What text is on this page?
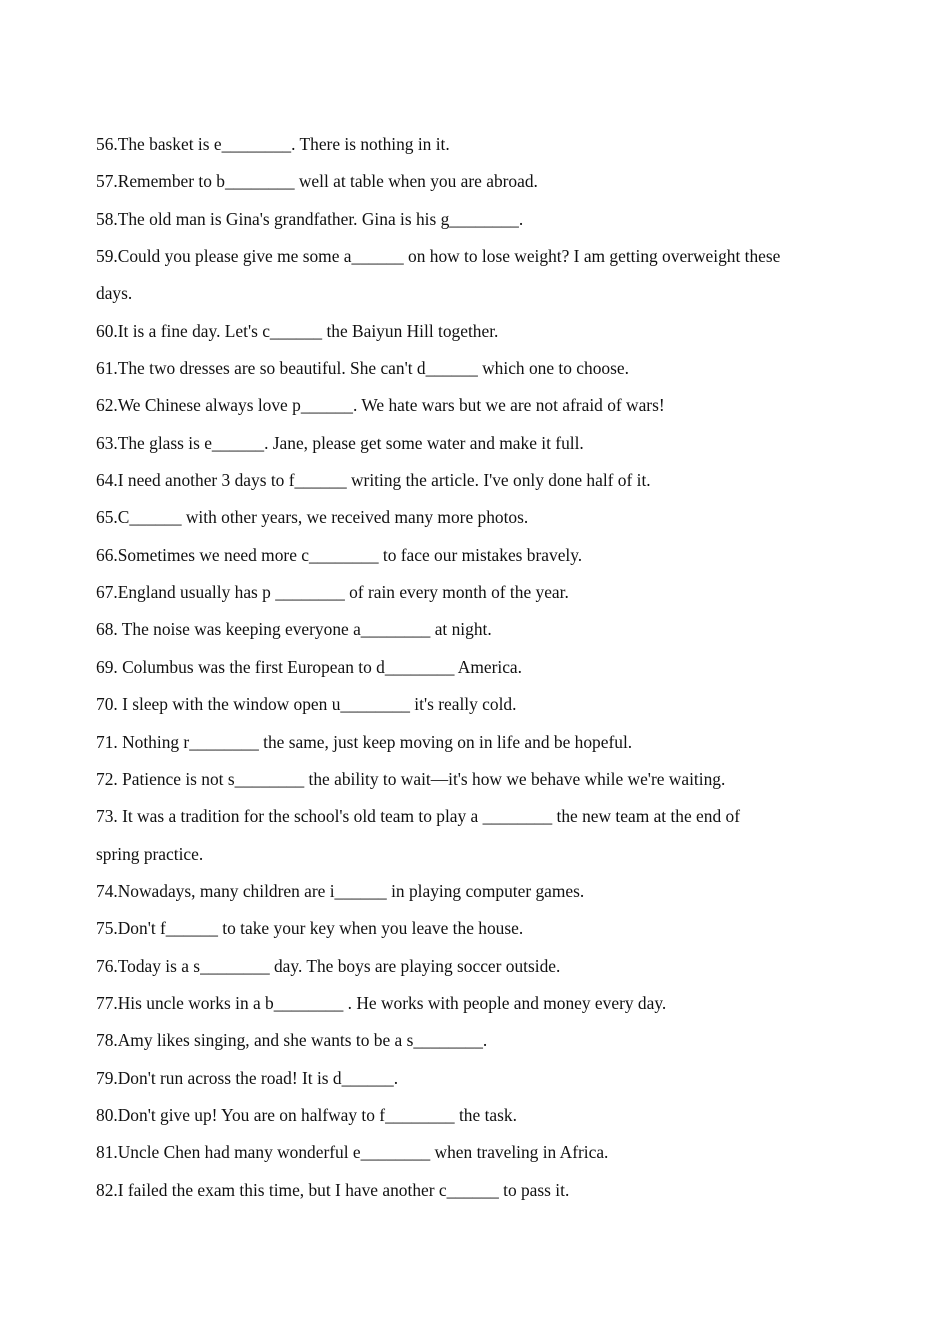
56.The basket is e________. There is nothing in it.
57.Remember to b________ well at table when you are abroad.
58.The old man is Gina's grandfather. Gina is his g________.
59.Could you please give me some a______ on how to lose weight? I am getting overweight these
days.
60.It is a fine day. Let's c______ the Baiyun Hill together.
61.The two dresses are so beautiful. She can't d______ which one to choose.
62.We Chinese always love p______. We hate wars but we are not afraid of wars!
63.The glass is e______. Jane, please get some water and make it full.
64.I need another 3 days to f______ writing the article. I've only done half of it.
65.C______ with other years, we received many more photos.
66.Sometimes we need more c________ to face our mistakes bravely.
67.England usually has p ________ of rain every month of the year.
68. The noise was keeping everyone a________ at night.
69. Columbus was the first European to d________ America.
70. I sleep with the window open u________ it's really cold.
71. Nothing r________ the same, just keep moving on in life and be hopeful.
72. Patience is not s________ the ability to wait—it's how we behave while we're waiting.
73. It was a tradition for the school's old team to play a ________ the new team at the end of
spring practice.
74.Nowadays, many children are i______ in playing computer games.
75.Don't f______ to take your key when you leave the house.
76.Today is a s________ day. The boys are playing soccer outside.
77.His uncle works in a b________ . He works with people and money every day.
78.Amy likes singing, and she wants to be a s________.
79.Don't run across the road! It is d______.
80.Don't give up! You are on halfway to f________ the task.
81.Uncle Chen had many wonderful e________ when traveling in Africa.
82.I failed the exam this time, but I have another c______ to pass it.
